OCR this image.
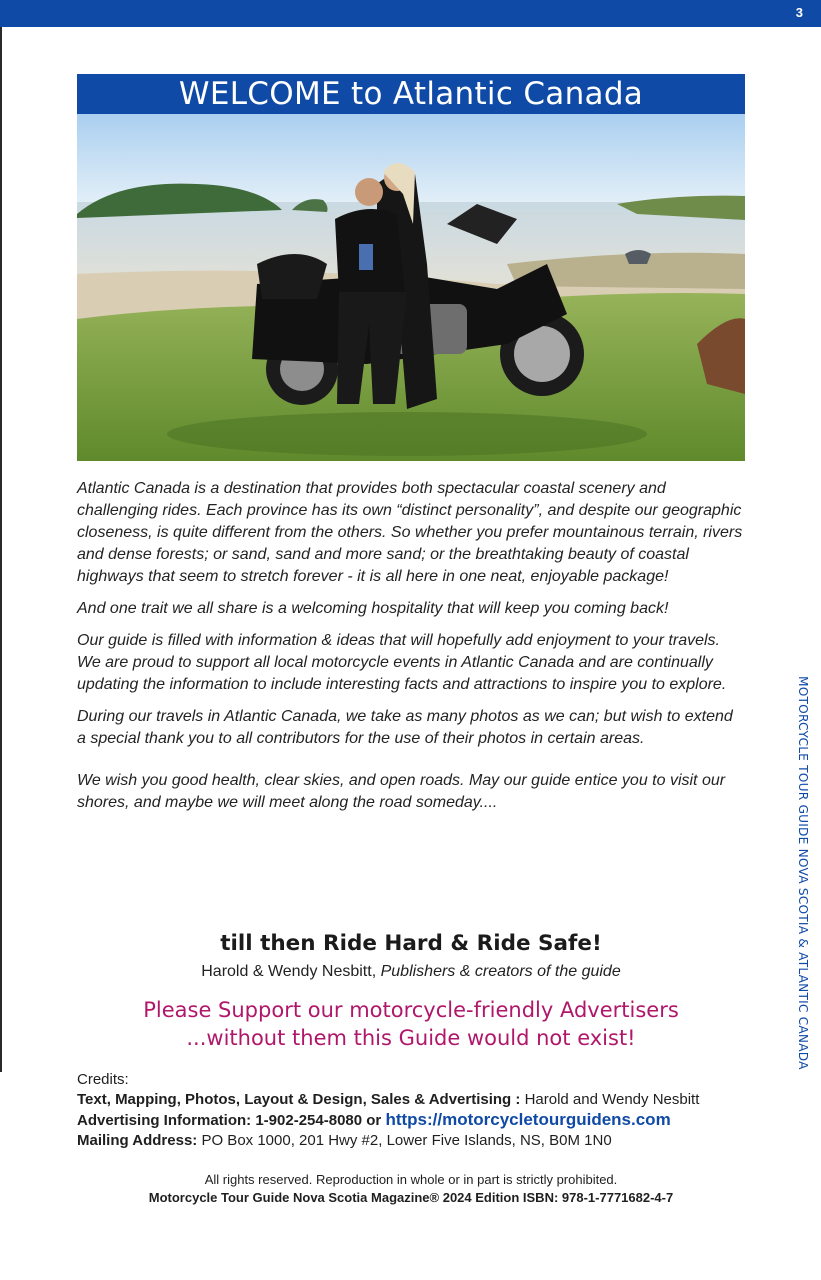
3
WELCOME to Atlantic Canada
Atlantic Canada is a destination that provides both spectacular coastal scenery and challenging rides. Each province has its own “distinct personality”, and despite our geographic closeness, is quite different from the others. So whether you prefer mountainous terrain, rivers and dense forests; or sand, sand and more sand; or the breathtaking beauty of coastal highways that seem to stretch forever - it is all here in one neat, enjoyable package!
And one trait we all share is a welcoming hospitality that will keep you coming back!
Our guide is filled with information & ideas that will hopefully add enjoyment to your travels. We are proud to support all local motorcycle events in Atlantic Canada and are continually updating the information to include interesting facts and attractions to inspire you to explore.
During our travels in Atlantic Canada, we take as many photos as we can; but wish to extend a special thank you to all contributors for the use of their photos in certain areas.
We wish you good health, clear skies, and open roads. May our guide entice you to visit our shores, and maybe we will meet along the road someday....
till then Ride Hard & Ride Safe!
Harold & Wendy Nesbitt, Publishers & creators of the guide
Please Support our motorcycle-friendly Advertisers
...without them this Guide would not exist!
Credits:
Text, Mapping, Photos, Layout & Design, Sales & Advertising : Harold and Wendy Nesbitt
Advertising Information: 1-902-254-8080 or https://motorcycletourguidens.com
Mailing Address: PO Box 1000, 201 Hwy #2, Lower Five Islands, NS, B0M 1N0
All rights reserved. Reproduction in whole or in part is strictly prohibited.
Motorcycle Tour Guide Nova Scotia Magazine® 2024 Edition ISBN: 978-1-7771682-4-7
MOTORCYCLE TOUR GUIDE NOVA SCOTIA & ATLANTIC CANADA
